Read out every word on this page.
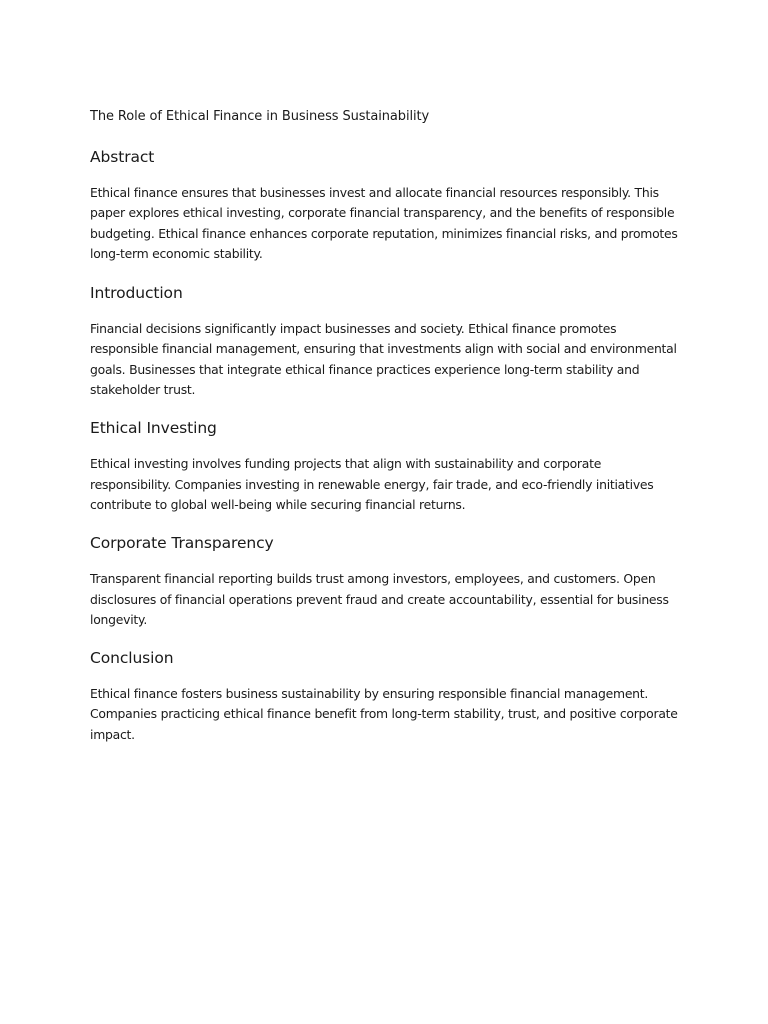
The Role of Ethical Finance in Business Sustainability
Abstract

Ethical finance ensures that businesses invest and allocate financial resources responsibly. This paper explores ethical investing, corporate financial transparency, and the benefits of responsible budgeting. Ethical finance enhances corporate reputation, minimizes financial risks, and promotes long-term economic stability.

Introduction

Financial decisions significantly impact businesses and society. Ethical finance promotes responsible financial management, ensuring that investments align with social and environmental goals. Businesses that integrate ethical finance practices experience long-term stability and stakeholder trust.

Ethical Investing

Ethical investing involves funding projects that align with sustainability and corporate responsibility. Companies investing in renewable energy, fair trade, and eco-friendly initiatives contribute to global well-being while securing financial returns.

Corporate Transparency

Transparent financial reporting builds trust among investors, employees, and customers. Open disclosures of financial operations prevent fraud and create accountability, essential for business longevity.

Conclusion

Ethical finance fosters business sustainability by ensuring responsible financial management. Companies practicing ethical finance benefit from long-term stability, trust, and positive corporate impact.
